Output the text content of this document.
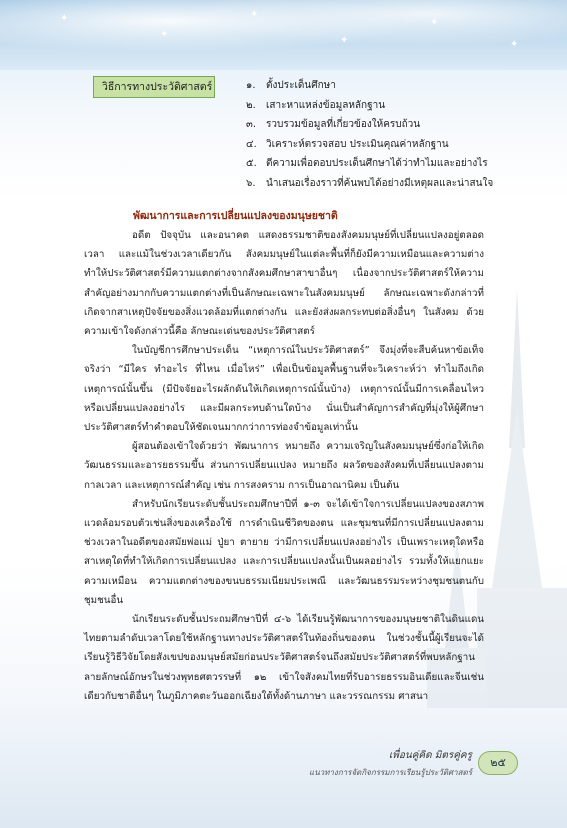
✦
✦
✦
✦
✦
✦
วิธีการทางประวัติศาสตร์	๑.	ตั้งประเด็นศึกษา
๒.	เสาะหาแหล่งข้อมูลหลักฐาน
๓. รวบรวมข้อมูลที่เกี่ยวข้องให้ครบถ้วน
๔. วิเคราะห์ตรวจสอบ ประเมินคุณค่าหลักฐาน
๕. ตีความเพื่อตอบประเด็นศึกษาได้ว่าทำไมและอย่างไร
๖.	นำเสนอเรื่องราวที่ค้นพบได้อย่างมีเหตุผลและน่าสนใจ
พัฒนาการและการเปลี่ยนแปลงของมนุษยชาติ

อดีต ปัจจุบัน และอนาคต แสดงธรรมชาติของสังคมมนุษย์ที่เปลี่ยนแปลงอยู่ตลอดเวลา และแม้ในช่วงเวลาเดียวกัน สังคมมนุษย์ในแต่ละพื้นที่ก็ยังมีความเหมือนและความต่าง ทำให้ประวัติศาสตร์มีความแตกต่างจากสังคมศึกษาสาขาอื่นๆ เนื่องจากประวัติศาสตร์ให้ความสำคัญอย่างมากกับความแตกต่างที่เป็นลักษณะเฉพาะในสังคมมนุษย์ ลักษณะเฉพาะดังกล่าวที่เกิดจากสาเหตุปัจจัยของสิ่งแวดล้อมที่แตกต่างกัน และยังส่งผลกระทบต่อสิ่งอื่นๆ ในสังคม ด้วยความเข้าใจดังกล่าวนี้คือ ลักษณะเด่นของประวัติศาสตร์

ในบัญชีการศึกษาประเด็น “เหตุการณ์ในประวัติศาสตร์” จึงมุ่งที่จะสืบค้นหาข้อเท็จจริงว่า “มีใคร ทำอะไร ที่ไหน เมื่อไหร่” เพื่อเป็นข้อมูลพื้นฐานที่จะวิเคราะห์ว่า ทำไมถึงเกิดเหตุการณ์นั้นขึ้น (มีปัจจัยอะไรผลักดันให้เกิดเหตุการณ์นั้นบ้าง) เหตุการณ์นั้นมีการเคลื่อนไหวหรือเปลี่ยนแปลงอย่างไร และมีผลกระทบด้านใดบ้าง นั่นเป็นสำคัญการสำคัญที่มุ่งให้ผู้ศึกษาประวัติศาสตร์ทำคำตอบให้ชัดเจนมากกว่าการท่องจำข้อมูลเท่านั้น

ผู้สอนต้องเข้าใจด้วยว่า พัฒนาการ หมายถึง ความเจริญในสังคมมนุษย์ซึ่งก่อให้เกิดวัฒนธรรมและอารยธรรมขึ้น ส่วนการเปลี่ยนแปลง หมายถึง ผลวัตของสังคมที่เปลี่ยนแปลงตามกาลเวลา และเหตุการณ์สำคัญ เช่น การสงคราม การเป็นอาณานิคม เป็นต้น

สำหรับนักเรียนระดับชั้นประถมศึกษาปีที่ ๑-๓ จะได้เข้าใจการเปลี่ยนแปลงของสภาพแวดล้อมรอบตัวเช่นสิ่งของเครื่องใช้ การดำเนินชีวิตของตน และชุมชนที่มีการเปลี่ยนแปลงตามช่วงเวลาในอดีตของสมัยพ่อแม่ ปู่ยา ตายาย ว่ามีการเปลี่ยนแปลงอย่างไร เป็นเพราะเหตุใดหรือสาเหตุใดที่ทำให้เกิดการเปลี่ยนแปลง และการเปลี่ยนแปลงนั้นเป็นผลอย่างไร รวมทั้งให้แยกแยะความเหมือน ความแตกต่างของขนบธรรมเนียมประเพณี และวัฒนธรรมระหว่างชุมชนตนกับชุมชนอื่น

นักเรียนระดับชั้นประถมศึกษาปีที่ ๔-๖ ได้เรียนรู้พัฒนาการของมนุษยชาติในดินแดนไทยตามลำดับเวลาโดยใช้หลักฐานทางประวัติศาสตร์ในท้องถิ่นของตน ในช่วงชั้นนี้ผู้เรียนจะได้เรียนรู้วิธีวิจัยโดยสังเขปของมนุษย์สมัยก่อนประวัติศาสตร์จนถึงสมัยประวัติศาสตร์ที่พบหลักฐานลายลักษณ์อักษรในช่วงพุทธศตวรรษที่ ๑๒ เข้าใจสังคมไทยที่รับอารยธรรมอินเดียและจีนเช่นเดียวกับชาติอื่นๆ ในภูมิภาคตะวันออกเฉียงใต้ทั้งด้านภาษา และวรรณกรรม ศาสนา

เพื่อนคู่คิด มิตรคู่ครู
แนวทางการจัดกิจกรรมการเรียนรู้ประวัติศาสตร์
๒๕
